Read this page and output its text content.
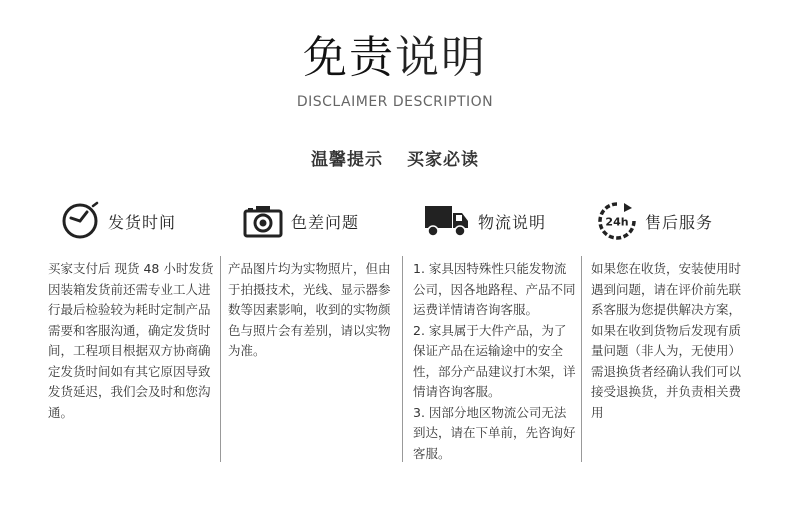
免责说明
DISCLAIMER DESCRIPTION
温馨提示 买家必读
发货时间

买家支付后 现货 48 小时发货 因装箱发货前还需专业工人进行最后检验较为耗时定制产品需要和客服沟通，确定发货时间，工程项目根据双方协商确定发货时间如有其它原因导致发货延迟，我们会及时和您沟通。

色差问题

产品图片均为实物照片，但由于拍摄技术，光线、显示器参数等因素影响，收到的实物颜色与照片会有差别，请以实物为准。

物流说明

1. 家具因特殊性只能发物流公司，因各地路程、产品不同运费详情请咨询客服。

2. 家具属于大件产品，为了保证产品在运输途中的安全性，部分产品建议打木架，详情请咨询客服。

3. 因部分地区物流公司无法到达，请在下单前，先咨询好客服。

24h 售后服务

如果您在收货，安装使用时遇到问题，请在评价前先联系客服为您提供解决方案，如果在收到货物后发现有质量问题（非人为，无使用）需退换货者经确认我们可以接受退换货，并负责相关费用
